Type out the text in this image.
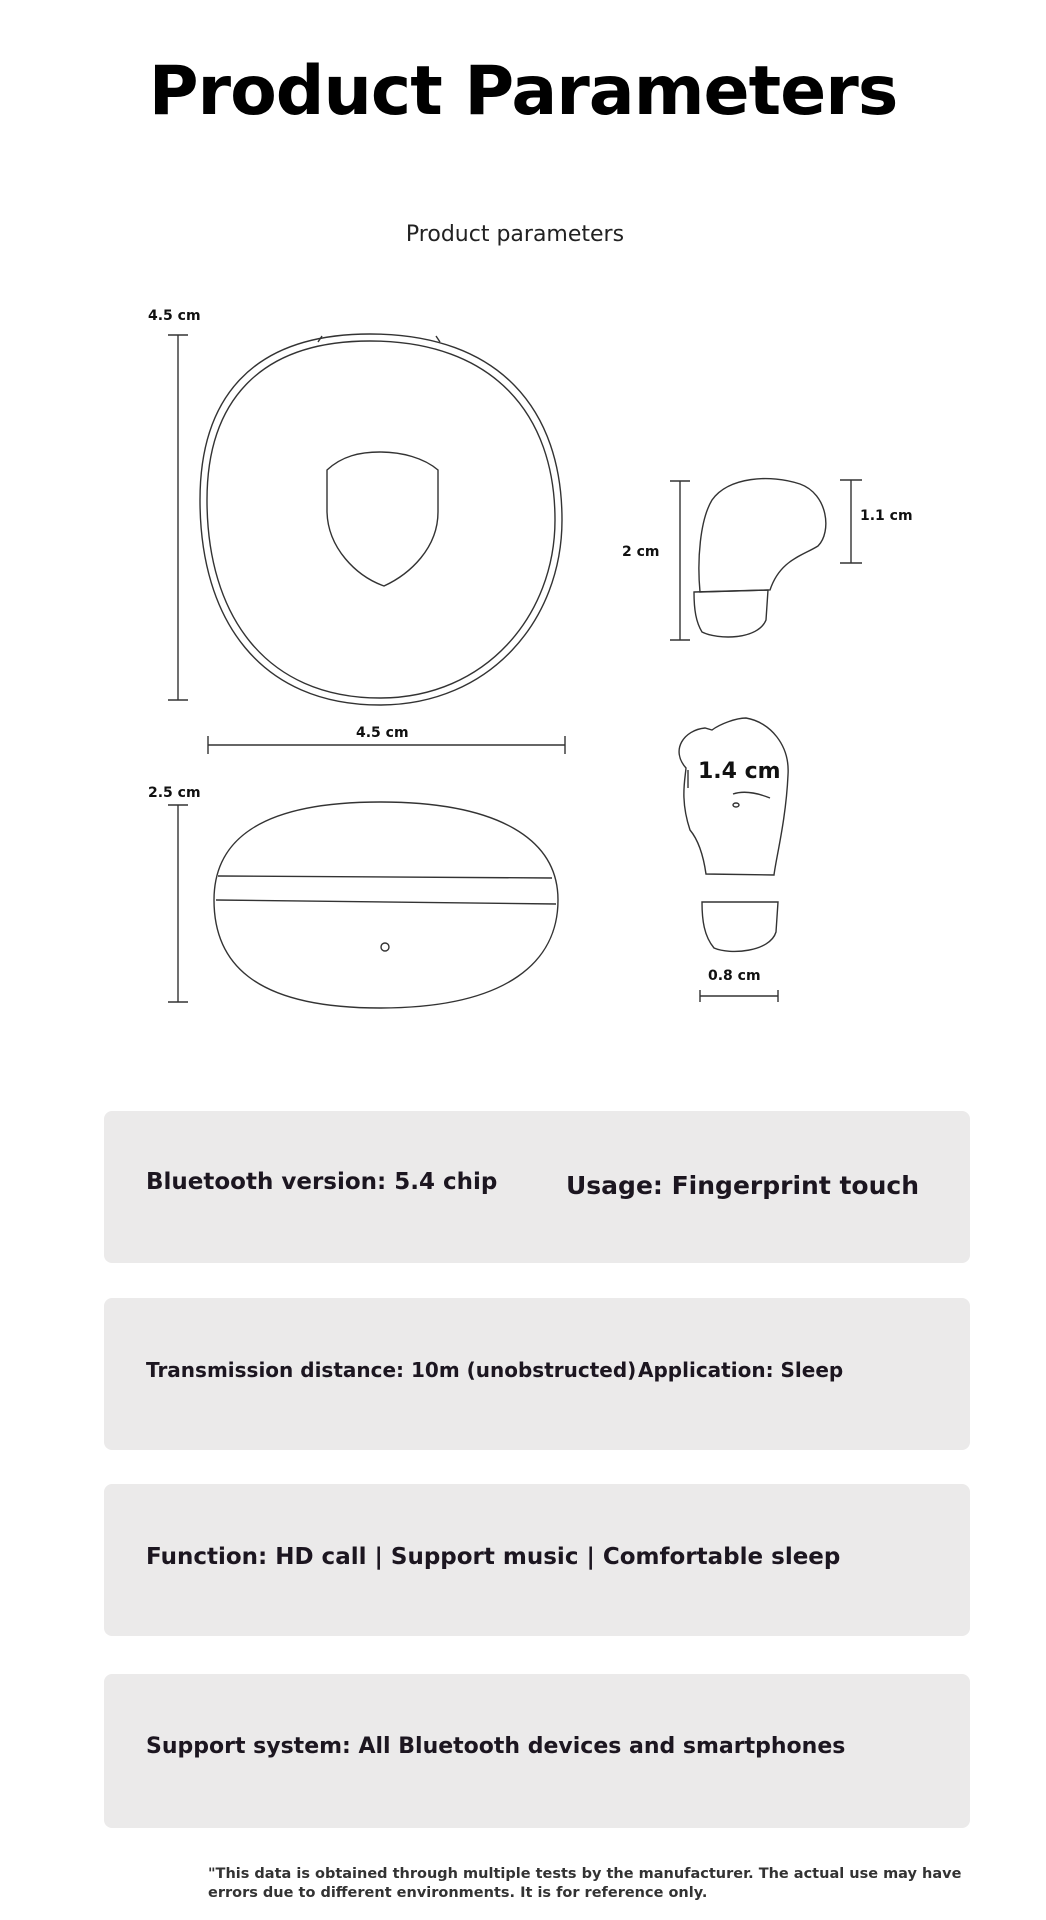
Product Parameters
Product parameters
4.5 cm
4.5 cm
2.5 cm
2 cm
1.1 cm
1.4 cm
0.8 cm
Bluetooth version: 5.4 chip	Usage: Fingerprint touch
Transmission distance: 10m (unobstructed) Application: Sleep
Function: HD call | Support music | Comfortable sleep
Support system: All Bluetooth devices and smartphones
"This data is obtained through multiple tests by the manufacturer. The actual use may have errors due to different environments. It is for reference only.
